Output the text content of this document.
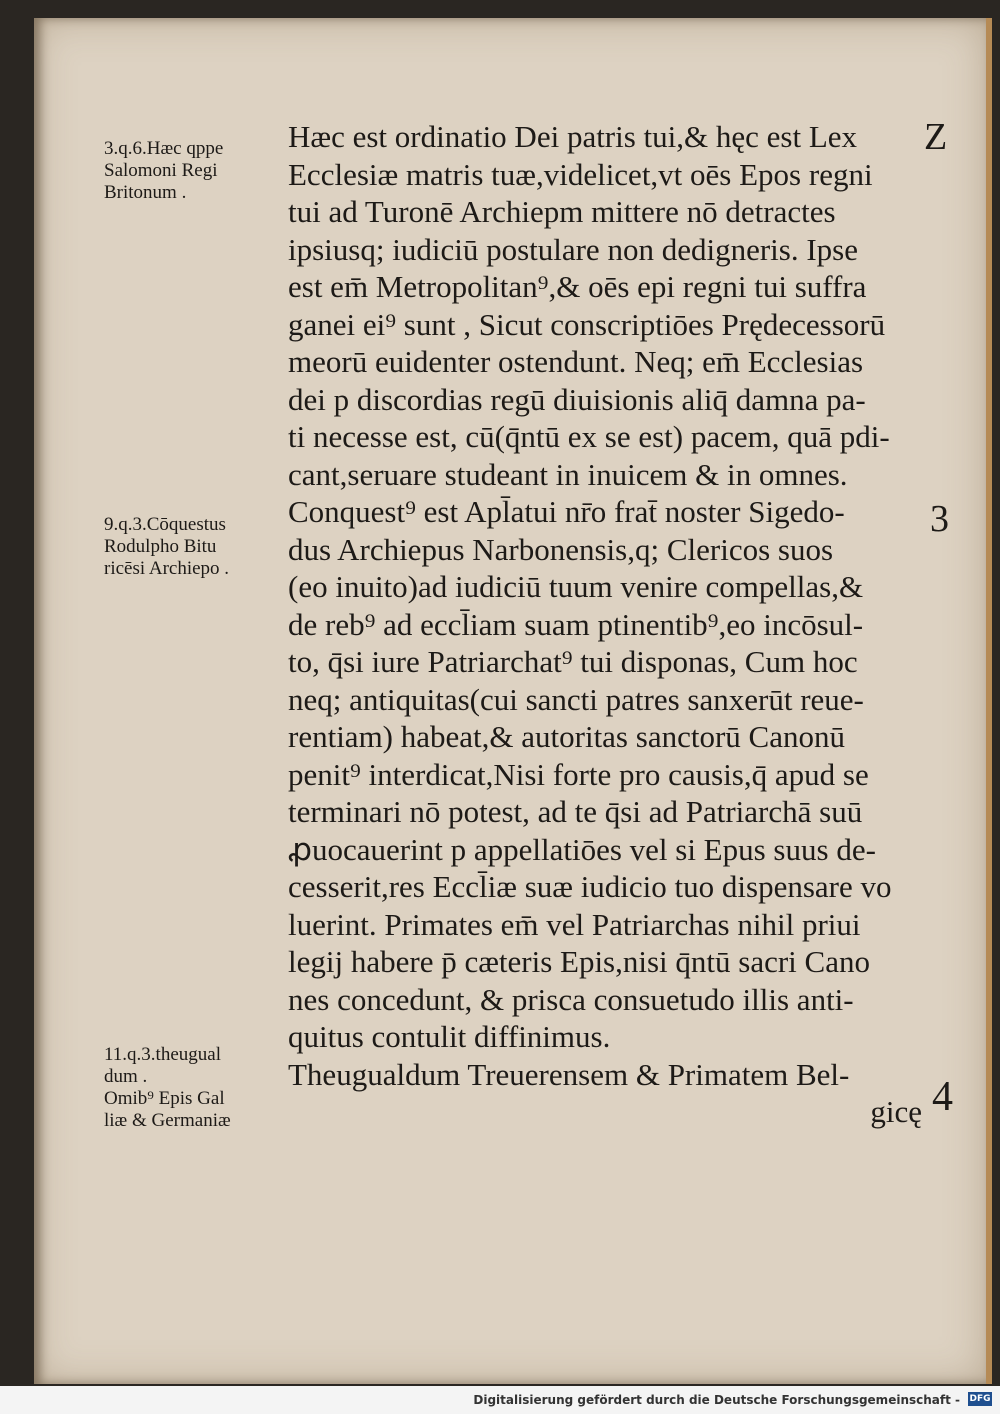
3.q.6.Hæc qppe
Salomoni Regi
Britonum .
9.q.3.Cōquestus
Rodulpho Bitu
ricēsi Archiepo .
11.q.3.theugual
dum .
Omib⁹ Epis Gal
liæ & Germaniæ
Z
3
4
Hæc est ordinatio Dei patris tui,& hęc est Lex
Ecclesiæ matris tuæ,videlicet,vt oēs Epos regni
tui ad Turonē Archiepm mittere nō detractes
ipsiusq; iudiciū postulare non dedigneris. Ipse
est em̄ Metropolitan⁹,& oēs epi regni tui suffra
ganei ei⁹ sunt , Sicut conscriptiōes Prędecessorū
meorū euidenter ostendunt. Neq; em̄ Ecclesias
dei p discordias regū diuisionis aliq̄ damna pa-
ti necesse est, cū(q̄ntū ex se est) pacem, quā pdi-
cant,seruare studeant in inuicem & in omnes.
Conquest⁹ est Apl̄atui nr̄o frat̄ noster Sigedo-
dus Archiepus Narbonensis,q; Clericos suos
(eo inuito)ad iudiciū tuum venire compellas,&
de reb⁹ ad eccl̄iam suam ptinentib⁹,eo incōsul-
to, q̄si iure Patriarchat⁹ tui disponas, Cum hoc
neq; antiquitas(cui sancti patres sanxerūt reue-
rentiam) habeat,& autoritas sanctorū Canonū
penit⁹ interdicat,Nisi forte pro causis,q̄ apud se
terminari nō potest, ad te q̄si ad Patriarchā suū
ꝓuocauerint p appellatiōes vel si Epus suus de-
cesserit,res Eccl̄iæ suæ iudicio tuo dispensare vo
luerint. Primates em̄ vel Patriarchas nihil priui
legij habere p̄ cæteris Epis,nisi q̄ntū sacri Cano
nes concedunt, & prisca consuetudo illis anti-
quitus contulit diffinimus.
Theugualdum Treuerensem & Primatem Bel-
gicę
Digitalisierung gefördert durch die Deutsche Forschungsgemeinschaft -	DFG
